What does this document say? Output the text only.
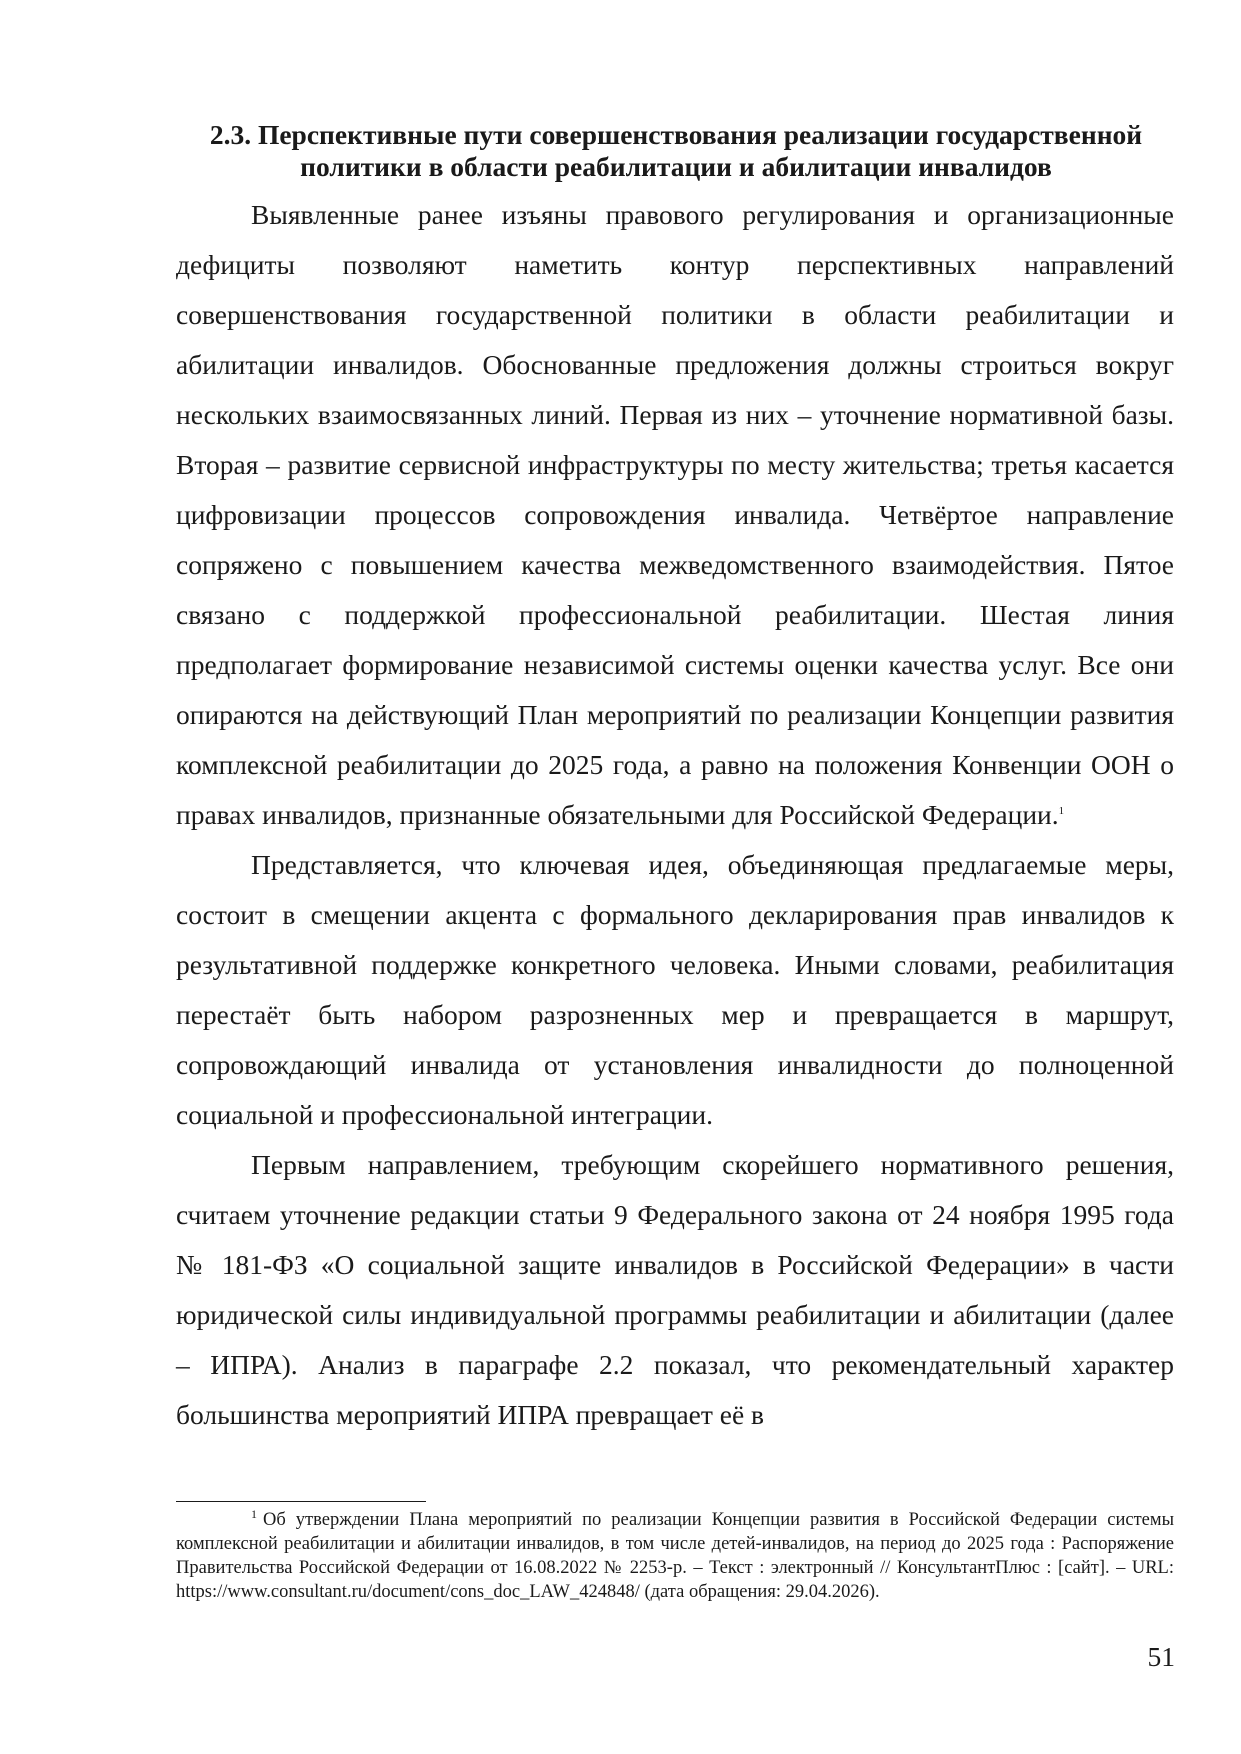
2.3. Перспективные пути совершенствования реализации государственной
политики в области реабилитации и абилитации инвалидов

Выявленные ранее изъяны правового регулирования и организационные дефициты позволяют наметить контур перспективных направлений совершенствования государственной политики в области реабилитации и абилитации инвалидов. Обоснованные предложения должны строиться вокруг нескольких взаимосвязанных линий. Первая из них – уточнение нормативной базы. Вторая – развитие сервисной инфраструктуры по месту жительства; третья касается цифровизации процессов сопровождения инвалида. Четвёртое направление сопряжено с повышением качества межведомственного взаимодействия. Пятое связано с поддержкой профессиональной реабилитации. Шестая линия предполагает формирование независимой системы оценки качества услуг. Все они опираются на действующий План мероприятий по реализации Концепции развития комплексной реабилитации до 2025 года, а равно на положения Конвенции ООН о правах инвалидов, признанные обязательными для Российской Федерации.$^1$

Представляется, что ключевая идея, объединяющая предлагаемые меры, состоит в смещении акцента с формального декларирования прав инвалидов к результативной поддержке конкретного человека. Иными словами, реабилитация перестаёт быть набором разрозненных мер и превращается в маршрут, сопровождающий инвалида от установления инвалидности до полноценной социальной и профессиональной интеграции.

Первым направлением, требующим скорейшего нормативного решения, считаем уточнение редакции статьи 9 Федерального закона от 24 ноября 1995 года № 181-ФЗ «О социальной защите инвалидов в Российской Федерации» в части юридической силы индивидуальной программы реабилитации и абилитации (далее – ИПРА). Анализ в параграфе 2.2 показал, что рекомендательный характер большинства мероприятий ИПРА превращает её в

$^1$ Об утверждении Плана мероприятий по реализации Концепции развития в Российской Федерации системы комплексной реабилитации и абилитации инвалидов, в том числе детей-инвалидов, на период до 2025 года : Распоряжение Правительства Российской Федерации от 16.08.2022 № 2253-р. – Текст : электронный // КонсультантПлюс : [сайт]. – URL: https://www.consultant.ru/document/cons_doc_LAW_424848/ (дата обращения: 29.04.2026).
51
